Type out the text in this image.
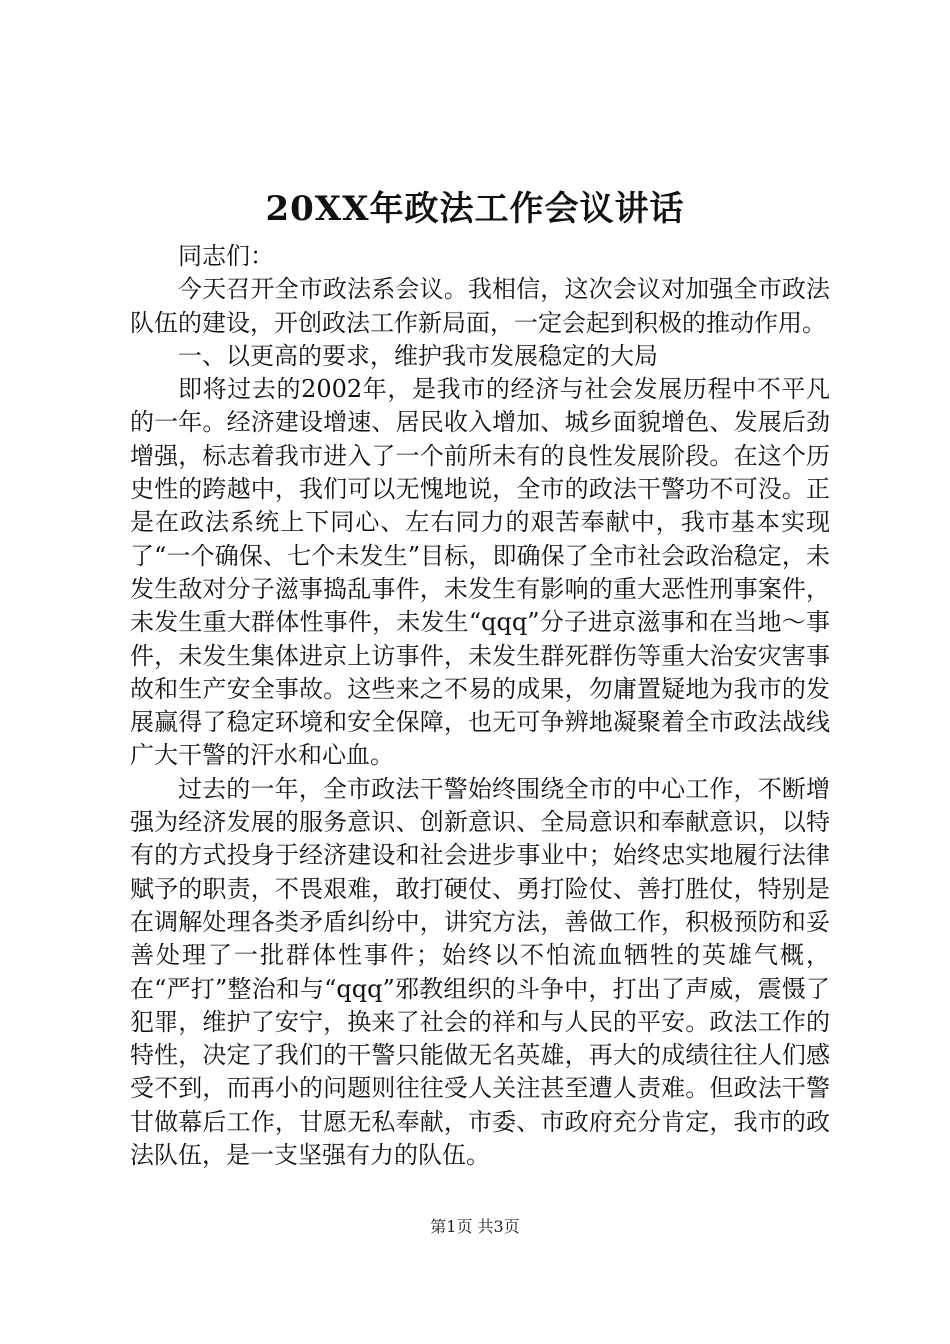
20XX年政法工作会议讲话

同志们：

今天召开全市政法系会议。我相信，这次会议对加强全市政法队伍的建设，开创政法工作新局面，一定会起到积极的推动作用。

一、以更高的要求，维护我市发展稳定的大局

即将过去的2002年，是我市的经济与社会发展历程中不平凡的一年。经济建设增速、居民收入增加、城乡面貌增色、发展后劲增强，标志着我市进入了一个前所未有的良性发展阶段。在这个历史性的跨越中，我们可以无愧地说，全市的政法干警功不可没。正是在政法系统上下同心、左右同力的艰苦奉献中，我市基本实现了“一个确保、七个未发生”目标，即确保了全市社会政治稳定，未发生敌对分子滋事捣乱事件，未发生有影响的重大恶性刑事案件，未发生重大群体性事件，未发生“qqq”分子进京滋事和在当地～事件，未发生集体进京上访事件，未发生群死群伤等重大治安灾害事故和生产安全事故。这些来之不易的成果，勿庸置疑地为我市的发展赢得了稳定环境和安全保障，也无可争辨地凝聚着全市政法战线广大干警的汗水和心血。

过去的一年，全市政法干警始终围绕全市的中心工作，不断增强为经济发展的服务意识、创新意识、全局意识和奉献意识，以特有的方式投身于经济建设和社会进步事业中；始终忠实地履行法律赋予的职责，不畏艰难，敢打硬仗、勇打险仗、善打胜仗，特别是在调解处理各类矛盾纠纷中，讲究方法，善做工作，积极预防和妥善处理了一批群体性事件；始终以不怕流血牺牲的英雄气概，在“严打”整治和与“qqq”邪教组织的斗争中，打出了声威，震慑了犯罪，维护了安宁，换来了社会的祥和与人民的平安。政法工作的特性，决定了我们的干警只能做无名英雄，再大的成绩往往人们感受不到，而再小的问题则往往受人关注甚至遭人责难。但政法干警甘做幕后工作，甘愿无私奉献，市委、市政府充分肯定，我市的政法队伍，是一支坚强有力的队伍。

第1页 共3页
